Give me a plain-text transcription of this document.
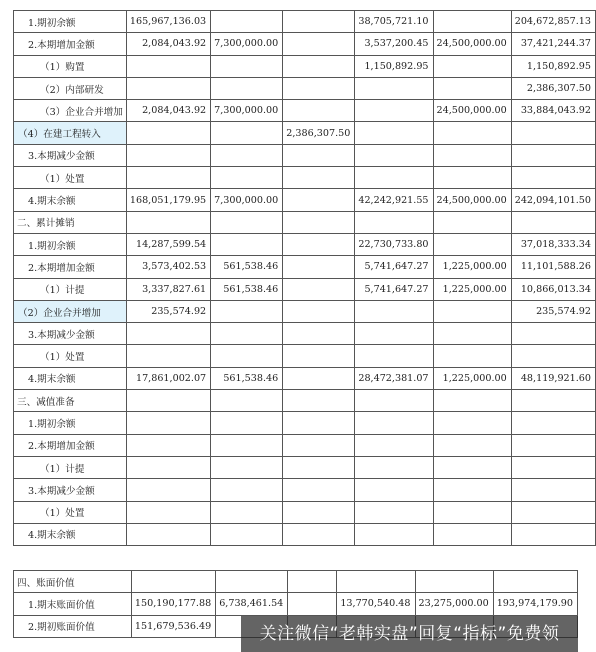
1.期初余额	165,967,136.03			38,705,721.10		204,672,857.13
2.本期增加金额	2,084,043.92	7,300,000.00		3,537,200.45	24,500,000.00	37,421,244.37
（1）购置				1,150,892.95		1,150,892.95
（2）内部研发						2,386,307.50
（3）企业合并增加	2,084,043.92	7,300,000.00			24,500,000.00	33,884,043.92
（4）在建工程转入			2,386,307.50			
3.本期减少金额						
（1）处置						
4.期末余额	168,051,179.95	7,300,000.00		42,242,921.55	24,500,000.00	242,094,101.50
二、累计摊销						
1.期初余额	14,287,599.54			22,730,733.80		37,018,333.34
2.本期增加金额	3,573,402.53	561,538.46		5,741,647.27	1,225,000.00	11,101,588.26
（1）计提	3,337,827.61	561,538.46		5,741,647.27	1,225,000.00	10,866,013.34
（2）企业合并增加	235,574.92					235,574.92
3.本期减少金额						
（1）处置						
4.期末余额	17,861,002.07	561,538.46		28,472,381.07	1,225,000.00	48,119,921.60
三、减值准备						
1.期初余额						
2.本期增加金额						
（1）计提						
3.本期减少金额						
（1）处置						
4.期末余额						
四、账面价值						
1.期末账面价值	150,190,177.88	6,738,461.54		13,770,540.48	23,275,000.00	193,974,179.90
2.期初账面价值	151,679,536.49						关注微信“老韩实盘”回复“指标”免费领
